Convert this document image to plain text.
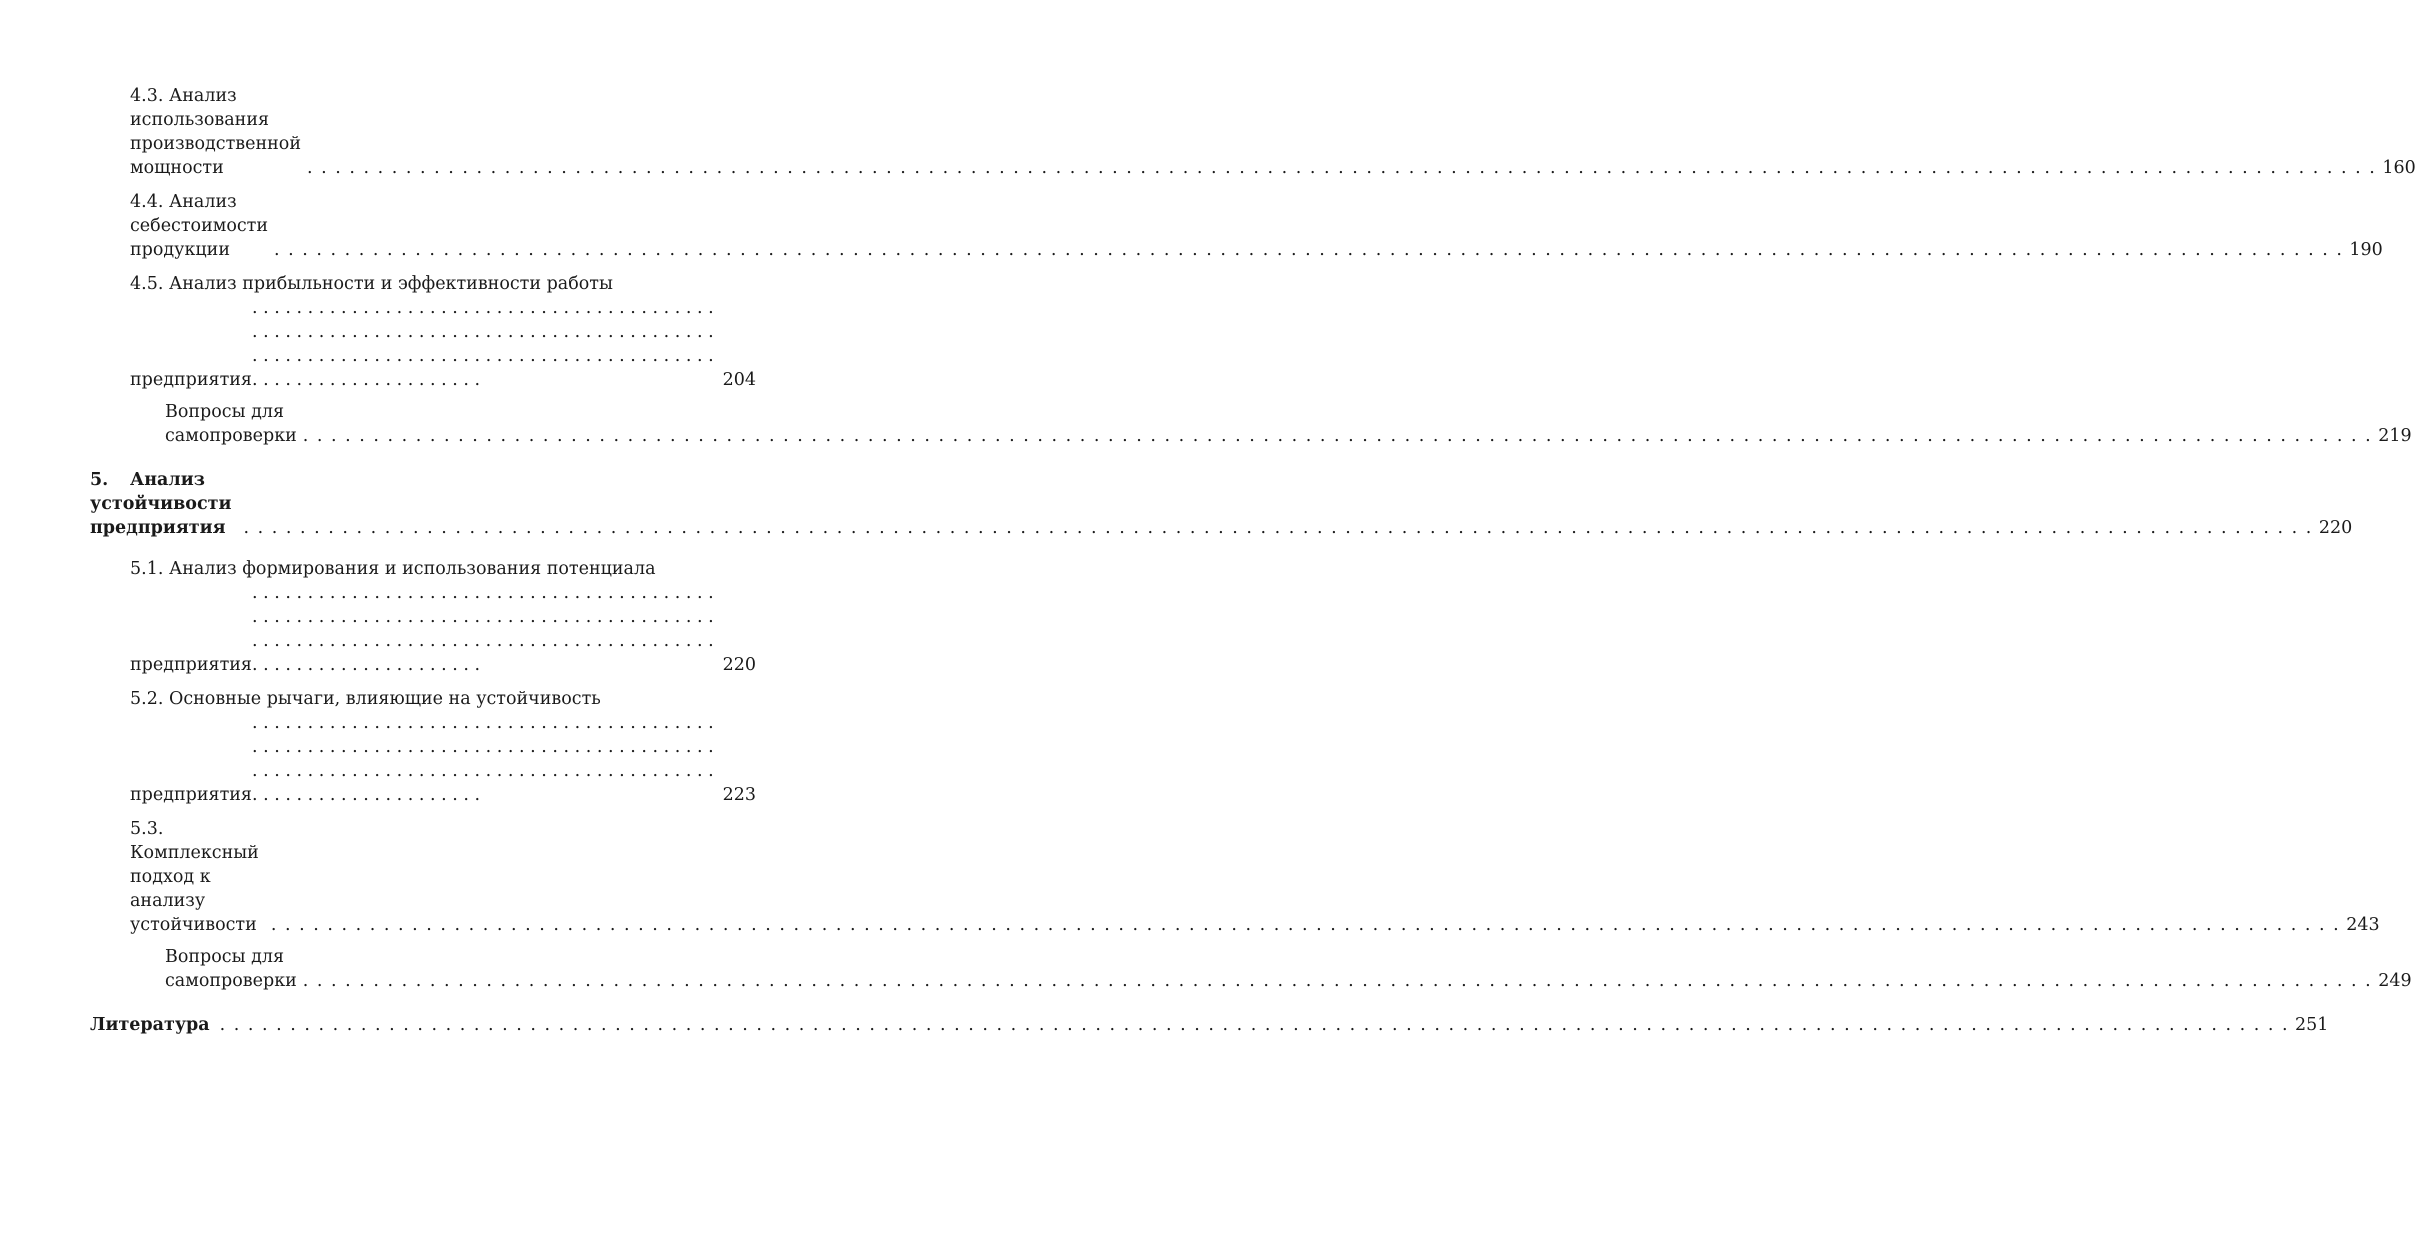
4.3. Анализ использования производственной мощности	. . . . . . . . . . . . . . . . . . . . . . . . . . . . . . . . . . . . . . . . . . . . . . . . . . . . . . . . . . . . . . . . . . . . . . . . . . . . . . . . . . . . . . . . . . . . . . . . . . . . . . . . . . . . . . . . . . . . . . . . . . . . . . . . . . . . . . . . . . . . . . . . . . . 160
4.4. Анализ себестоимости продукции	. . . . . . . . . . . . . . . . . . . . . . . . . . . . . . . . . . . . . . . . . . . . . . . . . . . . . . . . . . . . . . . . . . . . . . . . . . . . . . . . . . . . . . . . . . . . . . . . . . . . . . . . . . . . . . . . . . . . . . . . . . . . . . . . . . . . . . . . . . . . . . . . . . . 190
4.5. Анализ прибыльности и эффективности работы
предприятия
. . . . . . . . . . . . . . . . . . . . . . . . . . . . . . . . . . . . . . . . . . . . . . . . . . . . . . . . . . . . . . . . . . . . . . . . . . . . . . . . . . . . . . . . . . . . . . . . . . . . . . . . . . . . . . . . . . . . . . . . . . . . . . . . . . . . . . . . . . . . . . . . . . .	204
Вопросы для самопроверки . . . . . . . . . . . . . . . . . . . . . . . . . . . . . . . . . . . . . . . . . . . . . . . . . . . . . . . . . . . . . . . . . . . . . . . . . . . . . . . . . . . . . . . . . . . . . . . . . . . . . . . . . . . . . . . . . . . . . . . . . . . . . . . . . . . . . . . . . . . . . . . . . . . 219
5. Анализ устойчивости предприятия	. . . . . . . . . . . . . . . . . . . . . . . . . . . . . . . . . . . . . . . . . . . . . . . . . . . . . . . . . . . . . . . . . . . . . . . . . . . . . . . . . . . . . . . . . . . . . . . . . . . . . . . . . . . . . . . . . . . . . . . . . . . . . . . . . . . . . . . . . . . . . . . . . . . 220
5.1. Анализ формирования и использования потенциала
предприятия
. . . . . . . . . . . . . . . . . . . . . . . . . . . . . . . . . . . . . . . . . . . . . . . . . . . . . . . . . . . . . . . . . . . . . . . . . . . . . . . . . . . . . . . . . . . . . . . . . . . . . . . . . . . . . . . . . . . . . . . . . . . . . . . . . . . . . . . . . . . . . . . . . . .	220
5.2. Основные рычаги, влияющие на устойчивость
предприятия
. . . . . . . . . . . . . . . . . . . . . . . . . . . . . . . . . . . . . . . . . . . . . . . . . . . . . . . . . . . . . . . . . . . . . . . . . . . . . . . . . . . . . . . . . . . . . . . . . . . . . . . . . . . . . . . . . . . . . . . . . . . . . . . . . . . . . . . . . . . . . . . . . . .	223
5.3. Комплексный подход к анализу устойчивости . . . . . . . . . . . . . . . . . . . . . . . . . . . . . . . . . . . . . . . . . . . . . . . . . . . . . . . . . . . . . . . . . . . . . . . . . . . . . . . . . . . . . . . . . . . . . . . . . . . . . . . . . . . . . . . . . . . . . . . . . . . . . . . . . . . . . . . . . . . . . . . . . . . 243
Вопросы для самопроверки . . . . . . . . . . . . . . . . . . . . . . . . . . . . . . . . . . . . . . . . . . . . . . . . . . . . . . . . . . . . . . . . . . . . . . . . . . . . . . . . . . . . . . . . . . . . . . . . . . . . . . . . . . . . . . . . . . . . . . . . . . . . . . . . . . . . . . . . . . . . . . . . . . . 249
Литература . . . . . . . . . . . . . . . . . . . . . . . . . . . . . . . . . . . . . . . . . . . . . . . . . . . . . . . . . . . . . . . . . . . . . . . . . . . . . . . . . . . . . . . . . . . . . . . . . . . . . . . . . . . . . . . . . . . . . . . . . . . . . . . . . . . . . . . . . . . . . . . . . . . 251
